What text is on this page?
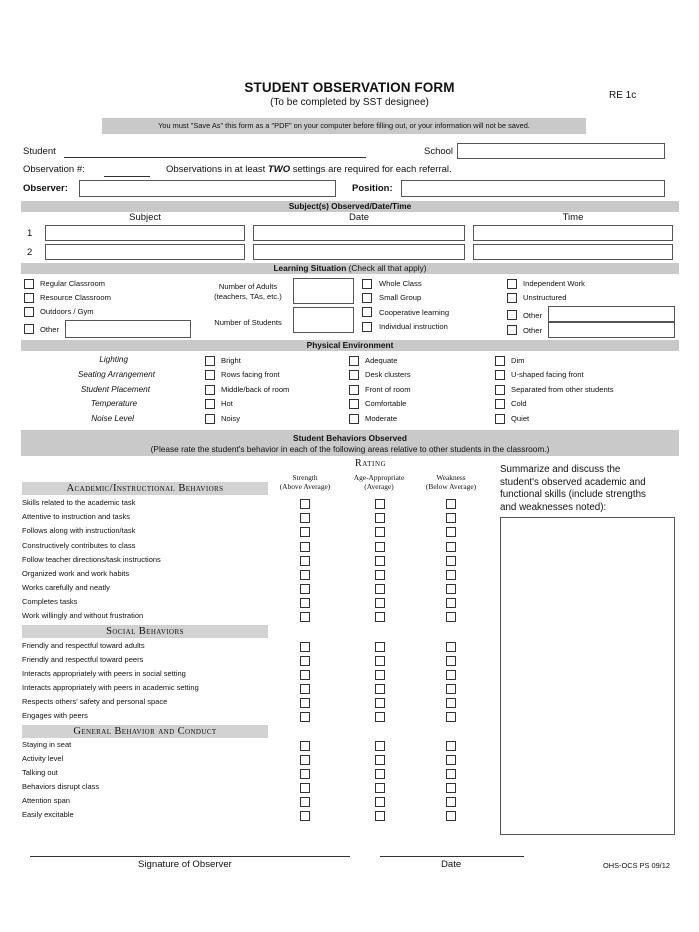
STUDENT OBSERVATION FORM
(To be completed by SST designee)
RE 1c
You must "Save As" this form as a "PDF" on your computer before filling out, or your information will not be saved.
Student	School
Observation #:	Observations in at least TWO settings are required for each referral.
Observer:	Position:
Subject(s) Observed/Date/Time
Subject	Date	Time
1
2
Learning Situation (Check all that apply)
Regular Classroom
Resource Classroom
Outdoors / Gym
Other
Number of Adults (teachers, TAs, etc.)
Number of Students
Whole Class
Small Group
Cooperative learning
Individual instruction
Independent Work
Unstructured
Other
Other
Physical Environment
Lighting	Bright	Adequate	Dim
Seating Arrangement	Rows facing front	Desk clusters	U-shaped facing front
Student Placement	Middle/back of room	Front of room	Separated from other students
Temperature	Hot	Comfortable	Cold
Noise Level	Noisy	Moderate	Quiet
Student Behaviors Observed
(Please rate the student's behavior in each of the following areas relative to other students in the classroom.)
Rating
Strength
(Above Average)
Age-Appropriate
(Average)
Weakness
(Below Average)
Academic/Instructional Behaviors
Skills related to the academic task
Attentive to instruction and tasks
Follows along with instruction/task
Constructively contributes to class
Follow teacher directions/task instructions
Organized work and work habits
Works carefully and neatly
Completes tasks
Work willingly and without frustration
Social Behaviors
Friendly and respectful toward adults
Friendly and respectful toward peers
Interacts appropriately with peers in social setting
Interacts appropriately with peers in academic setting
Respects others' safety and personal space
Engages with peers
General Behavior and Conduct
Staying in seat
Activity level
Talking out
Behaviors disrupt class
Attention span
Easily excitable
Summarize and discuss the
student's observed academic and
functional skills (include strengths
and weaknesses noted):
Signature of Observer	Date	OHS-OCS PS 09/12
